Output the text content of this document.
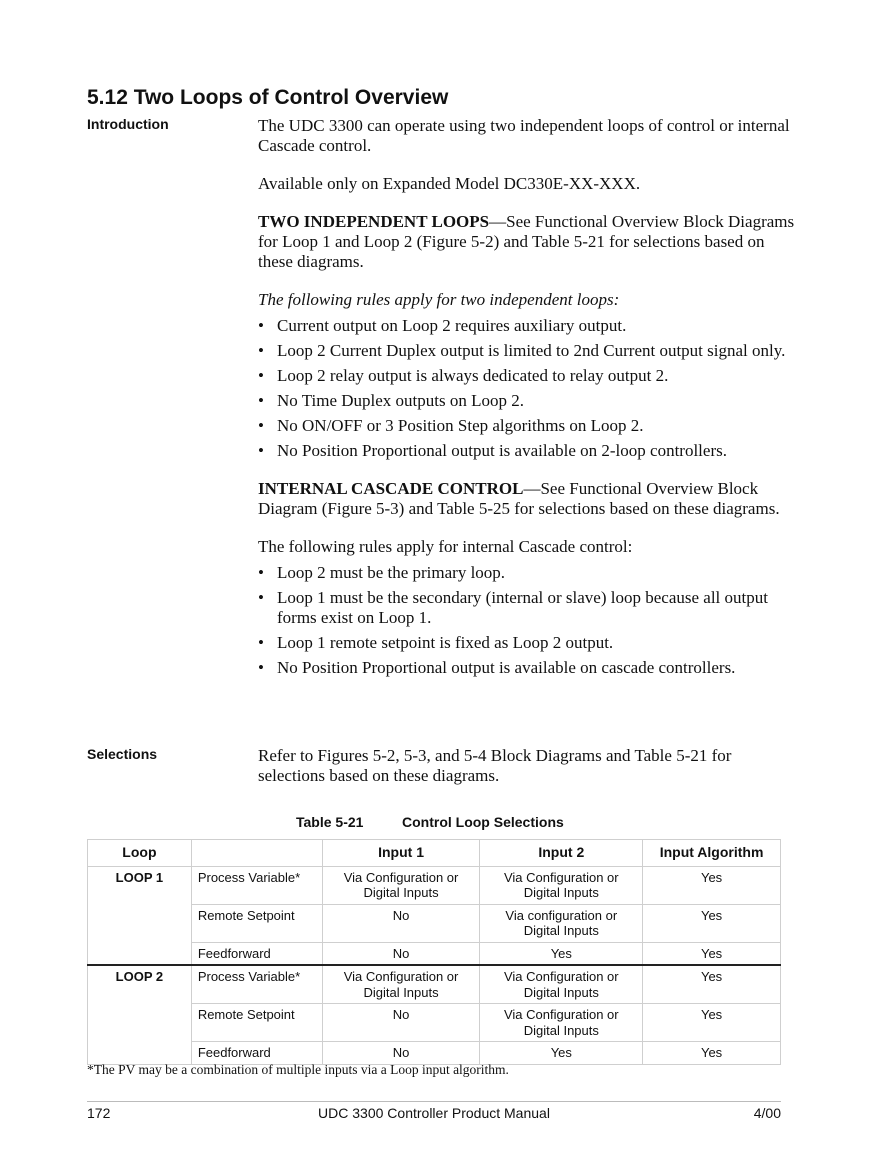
5.12 Two Loops of Control Overview
Introduction	The UDC 3300 can operate using two independent loops of control or internal Cascade control.

Available only on Expanded Model DC330E-XX-XXX.

TWO INDEPENDENT LOOPS—See Functional Overview Block Diagrams for Loop 1 and Loop 2 (Figure 5-2) and Table 5-21 for selections based on these diagrams.

The following rules apply for two independent loops:

• Current output on Loop 2 requires auxiliary output.
• Loop 2 Current Duplex output is limited to 2nd Current output signal only.
• Loop 2 relay output is always dedicated to relay output 2.
• No Time Duplex outputs on Loop 2.
• No ON/OFF or 3 Position Step algorithms on Loop 2.
• No Position Proportional output is available on 2-loop controllers.

INTERNAL CASCADE CONTROL—See Functional Overview Block Diagram (Figure 5-3) and Table 5-25 for selections based on these diagrams.

The following rules apply for internal Cascade control:

• Loop 2 must be the primary loop.
• Loop 1 must be the secondary (internal or slave) loop because all output forms exist on Loop 1.
• Loop 1 remote setpoint is fixed as Loop 2 output.
• No Position Proportional output is available on cascade controllers.
Selections	Refer to Figures 5-2, 5-3, and 5-4 Block Diagrams and Table 5-21 for selections based on these diagrams.

Table 5-21	Control Loop Selections
Loop		Input 1	Input 2	Input Algorithm
LOOP 1	Process Variable*	Via Configuration or Digital Inputs	Via Configuration or Digital Inputs	Yes
	Remote Setpoint	No	Via configuration or Digital Inputs	Yes
	Feedforward	No	Yes	Yes
LOOP 2	Process Variable*	Via Configuration or Digital Inputs	Via Configuration or Digital Inputs	Yes
	Remote Setpoint	No	Via Configuration or Digital Inputs	Yes
	Feedforward	No	Yes	Yes
*The PV may be a combination of multiple inputs via a Loop input algorithm.
172	UDC 3300 Controller Product Manual	4/00
